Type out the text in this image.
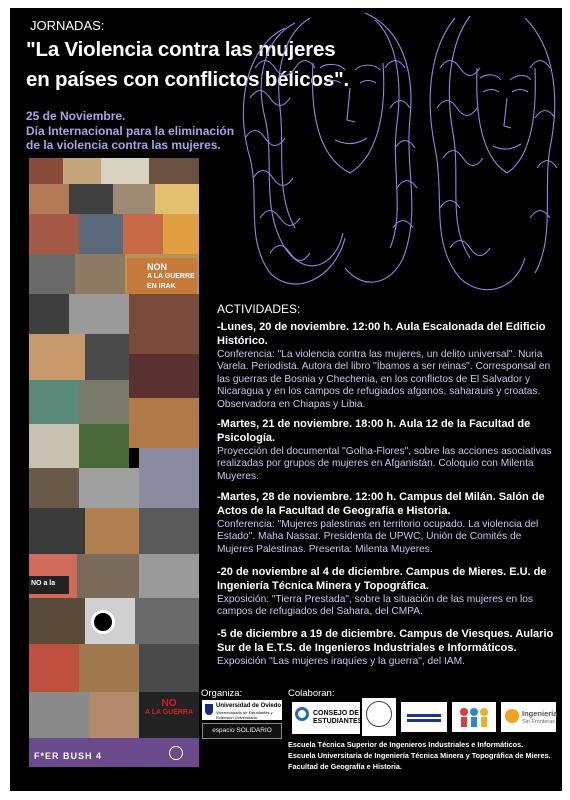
JORNADAS:
"La Violencia contra las mujeres
en países con conflictos bélicos".
25 de Noviembre.
Día Internacional para la eliminación
de la violencia contra las mujeres.
NON
A LA GUERRE
EN IRAK
NO a la
NO
A LA GUERRA
F*ER BUSH 4
ACTIVIDADES:
-Lunes, 20 de noviembre. 12:00 h. Aula Escalonada del Edificio Histórico.
Conferencia: "La violencia contra las mujeres, un delito universal". Nuria Varela. Periodista. Autora del libro "Íbamos a ser reinas". Corresponsal en las guerras de Bosnia y Chechenia, en los conflictos de El Salvador y Nicaragua y en los campos de refugiados afganos, saharauis y croatas. Observadora en Chiapas y Libia.
-Martes, 21 de noviembre. 18:00 h. Aula 12 de la Facultad de Psicología.
Proyección del documental "Golha-Flores", sobre las acciones asociativas realizadas por grupos de mujeres en Afganistán. Coloquio con Milenta Muyeres.
-Martes, 28 de noviembre. 12:00 h. Campus del Milán. Salón de Actos de la Facultad de Geografía e Historia.
Conferencia: "Mujeres palestinas en territorio ocupado. La violencia del Estado". Maha Nassar. Presidenta de UPWC, Unión de Comités de Mujeres Palestinas. Presenta: Milenta Muyeres.
-20 de noviembre al 4 de diciembre. Campus de Mieres. E.U. de Ingeniería Técnica Minera y Topográfica.
Exposición: "Tierra Prestada", sobre la situación de las mujeres en los campos de refugiados del Sahara, del CMPA.
-5 de diciembre a 19 de diciembre. Campus de Viesques. Aulario Sur de la E.T.S. de Ingenieros Industriales e Informáticos.
Exposición "Las mujeres iraquíes y la guerra", del IAM.
Organiza:	Colaboran:
Universidad de Oviedo
Vicerrectorado de Estudiantes y Extensión Universitaria
espacio SOLIDARIO
CONSEJO DE
ESTUDIANTES
Ingeniería
Sin Fronteras
Escuela Técnica Superior de Ingenieros Industriales e Informáticos.
Escuela Universitaria de Ingeniería Técnica Minera y Topográfica de Mieres.
Facultad de Geografía e Historia.
